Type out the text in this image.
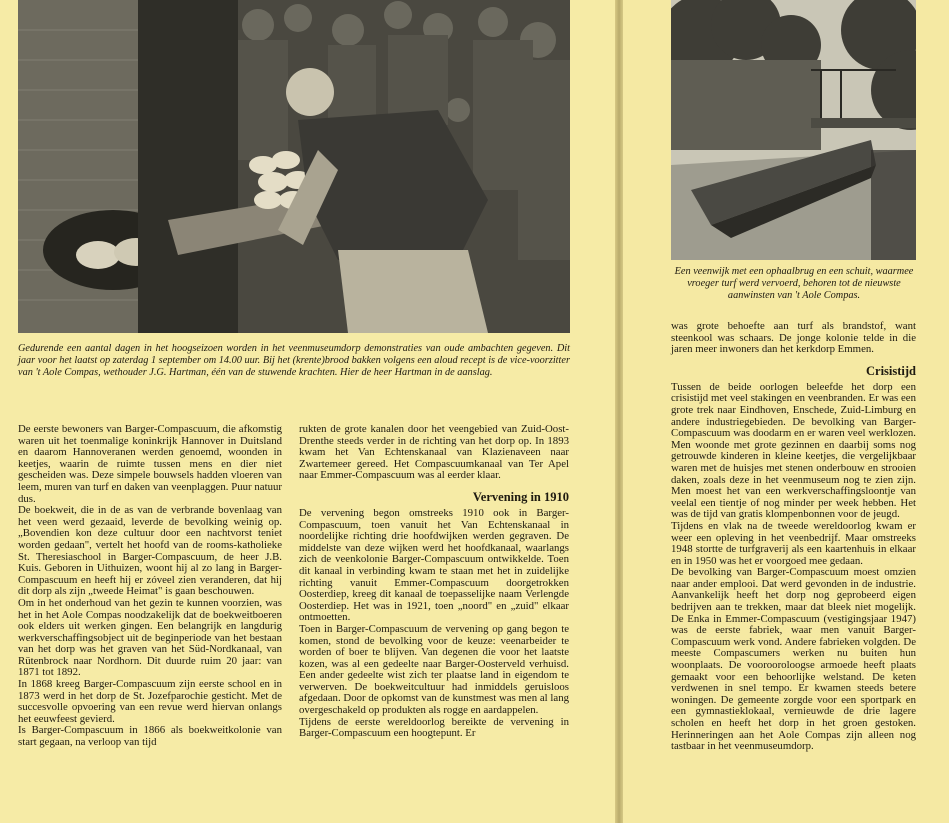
Gedurende een aantal dagen in het hoogseizoen worden in het veenmuseumdorp demonstraties van oude ambachten gegeven. Dit jaar voor het laatst op zaterdag 1 september om 14.00 uur. Bij het (krente)brood bakken volgens een aloud recept is de vice-voorzitter van 't Aole Compas, wethouder J.G. Hartman, één van de stuwende krachten. Hier de heer Hartman in de aanslag.

De eerste bewoners van Barger-Compascuum, die afkomstig waren uit het toenmalige koninkrijk Hannover in Duitsland en daarom Hannoveranen werden genoemd, woonden in keetjes, waarin de ruimte tussen mens en dier niet gescheiden was. Deze simpele bouwsels hadden vloeren van leem, muren van turf en daken van veenplaggen. Puur natuur dus.

De boekweit, die in de as van de verbrande bovenlaag van het veen werd gezaaid, leverde de bevolking weinig op. „Bovendien kon deze cultuur door een nachtvorst teniet worden gedaan", vertelt het hoofd van de rooms-katholieke St. Theresiaschool in Barger-Compascuum, de heer J.B. Kuis. Geboren in Uithuizen, woont hij al zo lang in Barger-Compascuum en heeft hij er zóveel zien veranderen, dat hij dit dorp als zijn „tweede Heimat" is gaan beschouwen.

Om in het onderhoud van het gezin te kunnen voorzien, was het in het Aole Compas noodzakelijk dat de boekweitboeren ook elders uit werken gingen. Een belangrijk en langdurig werkverschaffingsobject uit de beginperiode van het bestaan van het dorp was het graven van het Süd-Nordkanaal, van Rütenbrock naar Nordhorn. Dit duurde ruim 20 jaar: van 1871 tot 1892.

In 1868 kreeg Barger-Compascuum zijn eerste school en in 1873 werd in het dorp de St. Jozefparochie gesticht. Met de succesvolle opvoering van een revue werd hiervan onlangs het eeuwfeest gevierd.

Is Barger-Compascuum in 1866 als boekweitkolonie van start gegaan, na verloop van tijd

rukten de grote kanalen door het veengebied van Zuid-Oost-Drenthe steeds verder in de richting van het dorp op. In 1893 kwam het Van Echtenskanaal van Klazienaveen naar Zwartemeer gereed. Het Compascuumkanaal van Ter Apel naar Emmer-Compascuum was al eerder klaar.

Vervening in 1910

De vervening begon omstreeks 1910 ook in Barger-Compascuum, toen vanuit het Van Echtenskanaal in noordelijke richting drie hoofdwijken werden gegraven. De middelste van deze wijken werd het hoofdkanaal, waarlangs zich de veenkolonie Barger-Compascuum ontwikkelde. Toen dit kanaal in verbinding kwam te staan met het in zuidelijke richting vanuit Emmer-Compascuum doorgetrokken Oosterdiep, kreeg dit kanaal de toepasselijke naam Verlengde Oosterdiep. Het was in 1921, toen „noord" en „zuid" elkaar ontmoetten.

Toen in Barger-Compascuum de vervening op gang begon te komen, stond de bevolking voor de keuze: veenarbeider te worden of boer te blijven. Van degenen die voor het laatste kozen, was al een gedeelte naar Barger-Oosterveld verhuisd. Een ander gedeelte wist zich ter plaatse land in eigendom te verwerven. De boekweitcultuur had inmiddels geruisloos afgedaan. Door de opkomst van de kunstmest was men al lang overgeschakeld op produkten als rogge en aardappelen.

Tijdens de eerste wereldoorlog bereikte de vervening in Barger-Compascuum een hoogtepunt. Er

Een veenwijk met een ophaalbrug en een schuit, waarmee vroeger turf werd vervoerd, behoren tot de nieuwste aanwinsten van 't Aole Compas.

was grote behoefte aan turf als brandstof, want steenkool was schaars. De jonge kolonie telde in die jaren meer inwoners dan het kerkdorp Emmen.

Crisistijd

Tussen de beide oorlogen beleefde het dorp een crisistijd met veel stakingen en veenbranden. Er was een grote trek naar Eindhoven, Enschede, Zuid-Limburg en andere industriegebieden. De bevolking van Barger-Compascuum was doodarm en er waren veel werklozen. Men woonde met grote gezinnen en daarbij soms nog getrouwde kinderen in kleine keetjes, die vergelijkbaar waren met de huisjes met stenen onderbouw en strooien daken, zoals deze in het veenmuseum nog te zien zijn. Men moest het van een werkverschaffingsloontje van veelal een tientje of nog minder per week hebben. Het was de tijd van gratis klompenbonnen voor de jeugd.

Tijdens en vlak na de tweede wereldoorlog kwam er weer een opleving in het veenbedrijf. Maar omstreeks 1948 stortte de turfgraverij als een kaartenhuis in elkaar en in 1950 was het er voorgoed mee gedaan.

De bevolking van Barger-Compascuum moest omzien naar ander emplooi. Dat werd gevonden in de industrie. Aanvankelijk heeft het dorp nog geprobeerd eigen bedrijven aan te trekken, maar dat bleek niet mogelijk. De Enka in Emmer-Compascuum (vestigingsjaar 1947) was de eerste fabriek, waar men vanuit Barger-Compascuum werk vond. Andere fabrieken volgden. De meeste Compascumers werken nu buiten hun woonplaats. De voorooroloogse armoede heeft plaats gemaakt voor een behoorlijke welstand. De keten verdwenen in snel tempo. Er kwamen steeds betere woningen. De gemeente zorgde voor een sportpark en een gymnastieklokaal, vernieuwde de drie lagere scholen en heeft het dorp in het groen gestoken. Herinneringen aan het Aole Compas zijn alleen nog tastbaar in het veenmuseumdorp.
